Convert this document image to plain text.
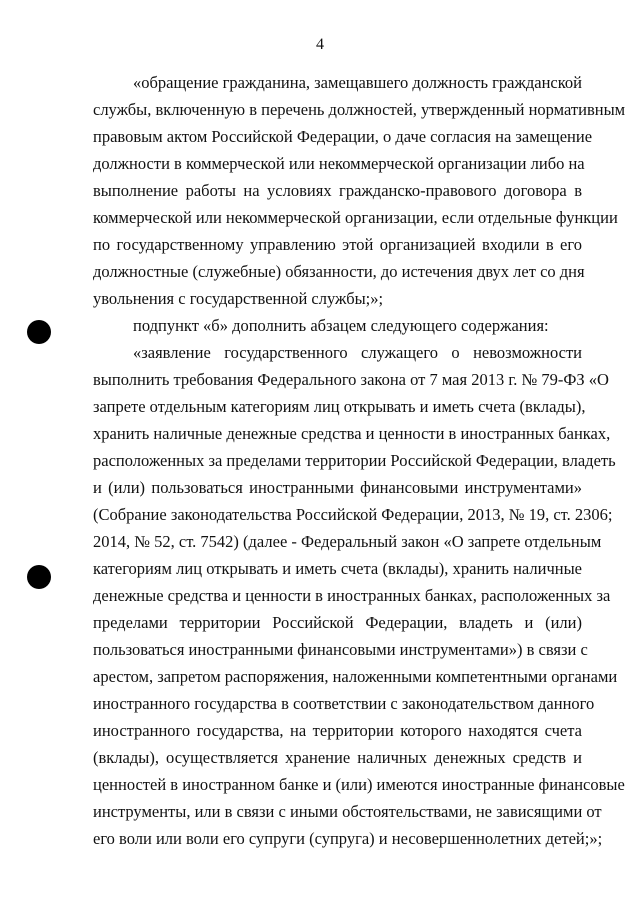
4
«обращение гражданина, замещавшего должность гражданской
службы, включенную в перечень должностей, утвержденный нормативным
правовым актом Российской Федерации, о даче согласия на замещение
должности в коммерческой или некоммерческой организации либо на
выполнение работы на условиях гражданско-правового договора в
коммерческой или некоммерческой организации, если отдельные функции
по государственному управлению этой организацией входили в его
должностные (служебные) обязанности, до истечения двух лет со дня
увольнения с государственной службы;»;
подпункт «б» дополнить абзацем следующего содержания:
«заявление государственного служащего о невозможности
выполнить требования Федерального закона от 7 мая 2013 г. № 79-ФЗ «О
запрете отдельным категориям лиц открывать и иметь счета (вклады),
хранить наличные денежные средства и ценности в иностранных банках,
расположенных за пределами территории Российской Федерации, владеть
и (или) пользоваться иностранными финансовыми инструментами»
(Собрание законодательства Российской Федерации, 2013, № 19, ст. 2306;
2014, № 52, ст. 7542) (далее - Федеральный закон «О запрете отдельным
категориям лиц открывать и иметь счета (вклады), хранить наличные
денежные средства и ценности в иностранных банках, расположенных за
пределами территории Российской Федерации, владеть и (или)
пользоваться иностранными финансовыми инструментами») в связи с
арестом, запретом распоряжения, наложенными компетентными органами
иностранного государства в соответствии с законодательством данного
иностранного государства, на территории которого находятся счета
(вклады), осуществляется хранение наличных денежных средств и
ценностей в иностранном банке и (или) имеются иностранные финансовые
инструменты, или в связи с иными обстоятельствами, не зависящими от
его воли или воли его супруги (супруга) и несовершеннолетних детей;»;
